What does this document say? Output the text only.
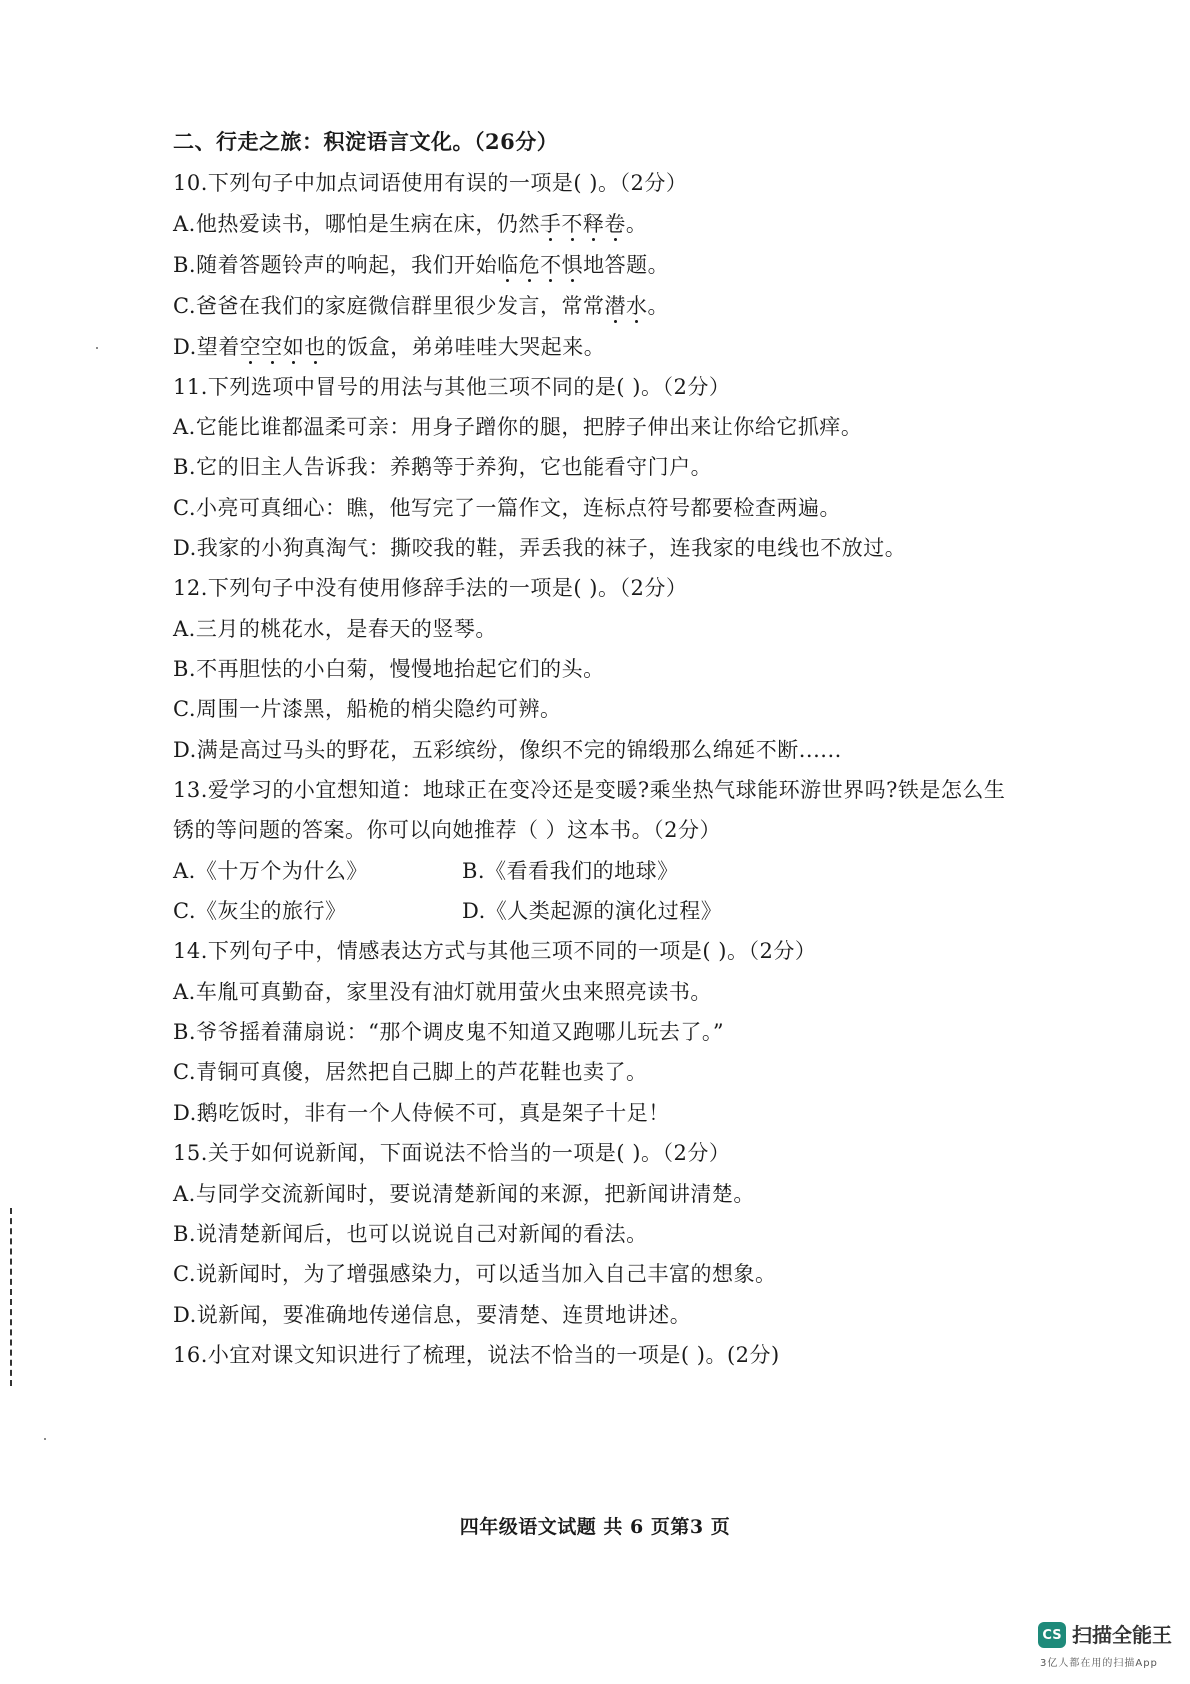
二、行走之旅：积淀语言文化。（26分）
10.下列句子中加点词语使用有误的一项是( )。（2分）
A.他热爱读书，哪怕是生病在床，仍然手不释卷
。
B.随着答题铃声的响起，我们开始临危不惧
地答题。
C.爸爸在我们的家庭微信群里很少发言，常常潜水
。
D.望着空空如也
的饭盒，弟弟哇哇大哭起来。
11.下列选项中冒号的用法与其他三项不同的是( )。（2分）
A.它能比谁都温柔可亲：用身子蹭你的腿，把脖子伸出来让你给它抓痒。
B.它的旧主人告诉我：养鹅等于养狗，它也能看守门户。
C.小亮可真细心：瞧，他写完了一篇作文，连标点符号都要检查两遍。
D.我家的小狗真淘气：撕咬我的鞋，弄丢我的袜子，连我家的电线也不放过。
12.下列句子中没有使用修辞手法的一项是( )。（2分）
A.三月的桃花水，是春天的竖琴。
B.不再胆怯的小白菊，慢慢地抬起它们的头。
C.周围一片漆黑，船桅的梢尖隐约可辨。
D.满是高过马头的野花，五彩缤纷，像织不完的锦缎那么绵延不断......
13.爱学习的小宜想知道：地球正在变冷还是变暖?乘坐热气球能环游世界吗?铁是怎么生
锈的等问题的答案。你可以向她推荐（ ）这本书。（2分）
A.《十万个为什么》	B.《看看我们的地球》
C.《灰尘的旅行》	D.《人类起源的演化过程》
14.下列句子中，情感表达方式与其他三项不同的一项是( )。（2分）
A.车胤可真勤奋，家里没有油灯就用萤火虫来照亮读书。
B.爷爷摇着蒲扇说：“那个调皮鬼不知道又跑哪儿玩去了。”
C.青铜可真傻，居然把自己脚上的芦花鞋也卖了。
D.鹅吃饭时，非有一个人侍候不可，真是架子十足！
15.关于如何说新闻，下面说法不恰当的一项是( )。（2分）
A.与同学交流新闻时，要说清楚新闻的来源，把新闻讲清楚。
B.说清楚新闻后，也可以说说自己对新闻的看法。
C.说新闻时，为了增强感染力，可以适当加入自己丰富的想象。
D.说新闻，要准确地传递信息，要清楚、连贯地讲述。
16.小宜对课文知识进行了梳理，说法不恰当的一项是( )。(2分)
四年级语文试题 共 6 页第3 页
CS 扫描全能王
3亿人都在用的扫描App
